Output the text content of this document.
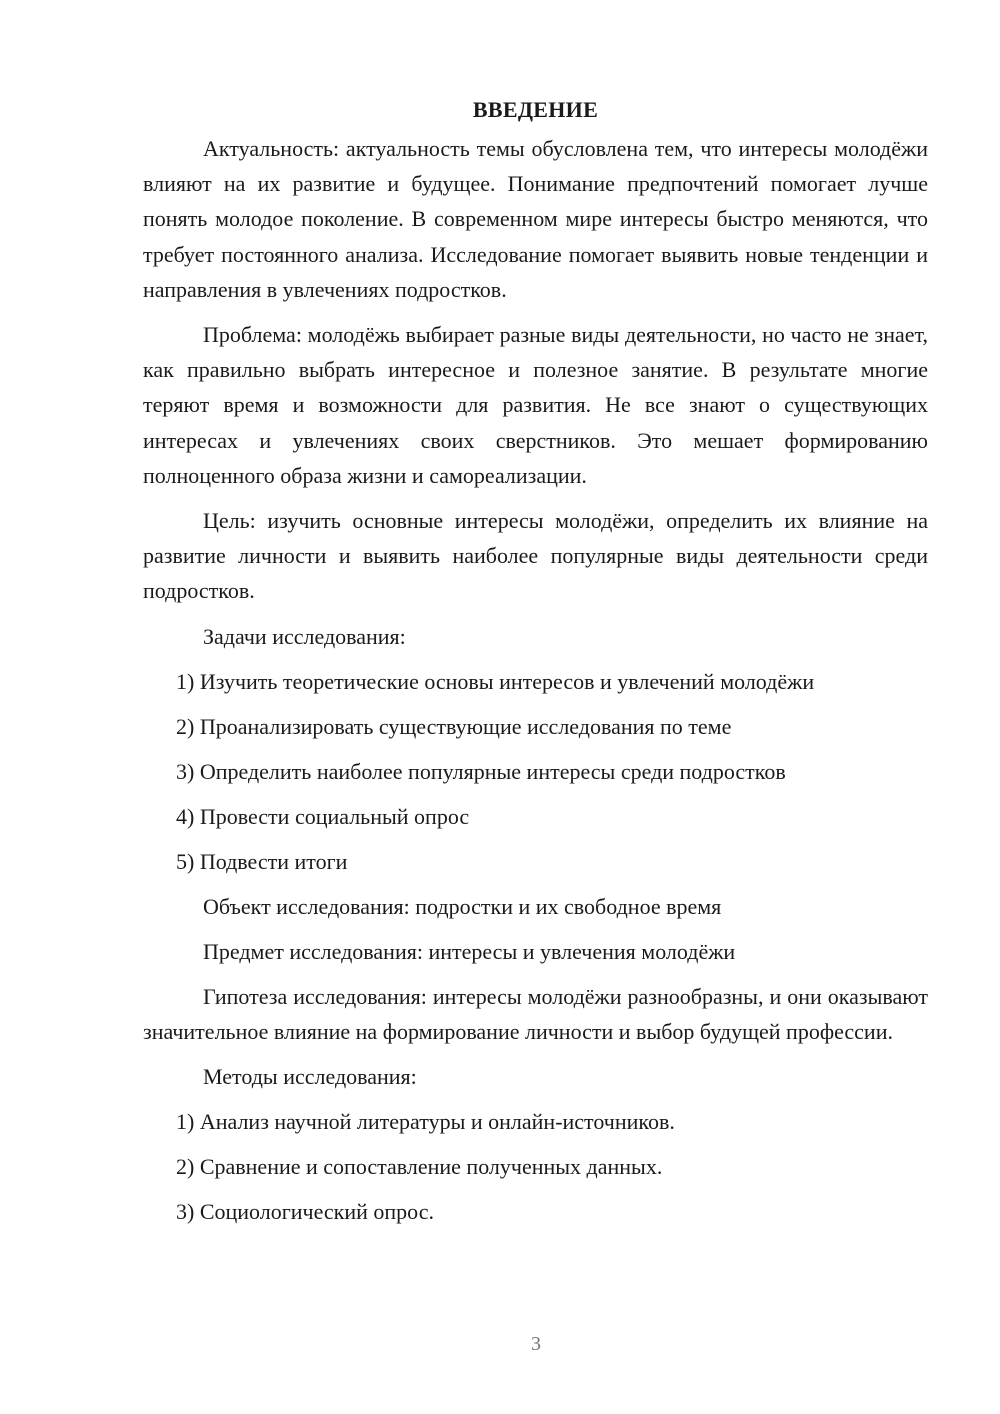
ВВЕДЕНИЕ

Актуальность: актуальность темы обусловлена тем, что интересы молодёжи влияют на их развитие и будущее. Понимание предпочтений помогает лучше понять молодое поколение. В современном мире интересы быстро меняются, что требует постоянного анализа. Исследование помогает выявить новые тенденции и направления в увлечениях подростков.

Проблема: молодёжь выбирает разные виды деятельности, но часто не знает, как правильно выбрать интересное и полезное занятие. В результате многие теряют время и возможности для развития. Не все знают о существующих интересах и увлечениях своих сверстников. Это мешает формированию полноценного образа жизни и самореализации.

Цель: изучить основные интересы молодёжи, определить их влияние на развитие личности и выявить наиболее популярные виды деятельности среди подростков.

Задачи исследования:
1) Изучить теоретические основы интересов и увлечений молодёжи
2) Проанализировать существующие исследования по теме
3) Определить наиболее популярные интересы среди подростков
4) Провести социальный опрос
5) Подвести итоги
Объект исследования: подростки и их свободное время
Предмет исследования: интересы и увлечения молодёжи

Гипотеза исследования: интересы молодёжи разнообразны, и они оказывают значительное влияние на формирование личности и выбор будущей профессии.

Методы исследования:
1) Анализ научной литературы и онлайн-источников.
2) Сравнение и сопоставление полученных данных.
3) Социологический опрос.
3
